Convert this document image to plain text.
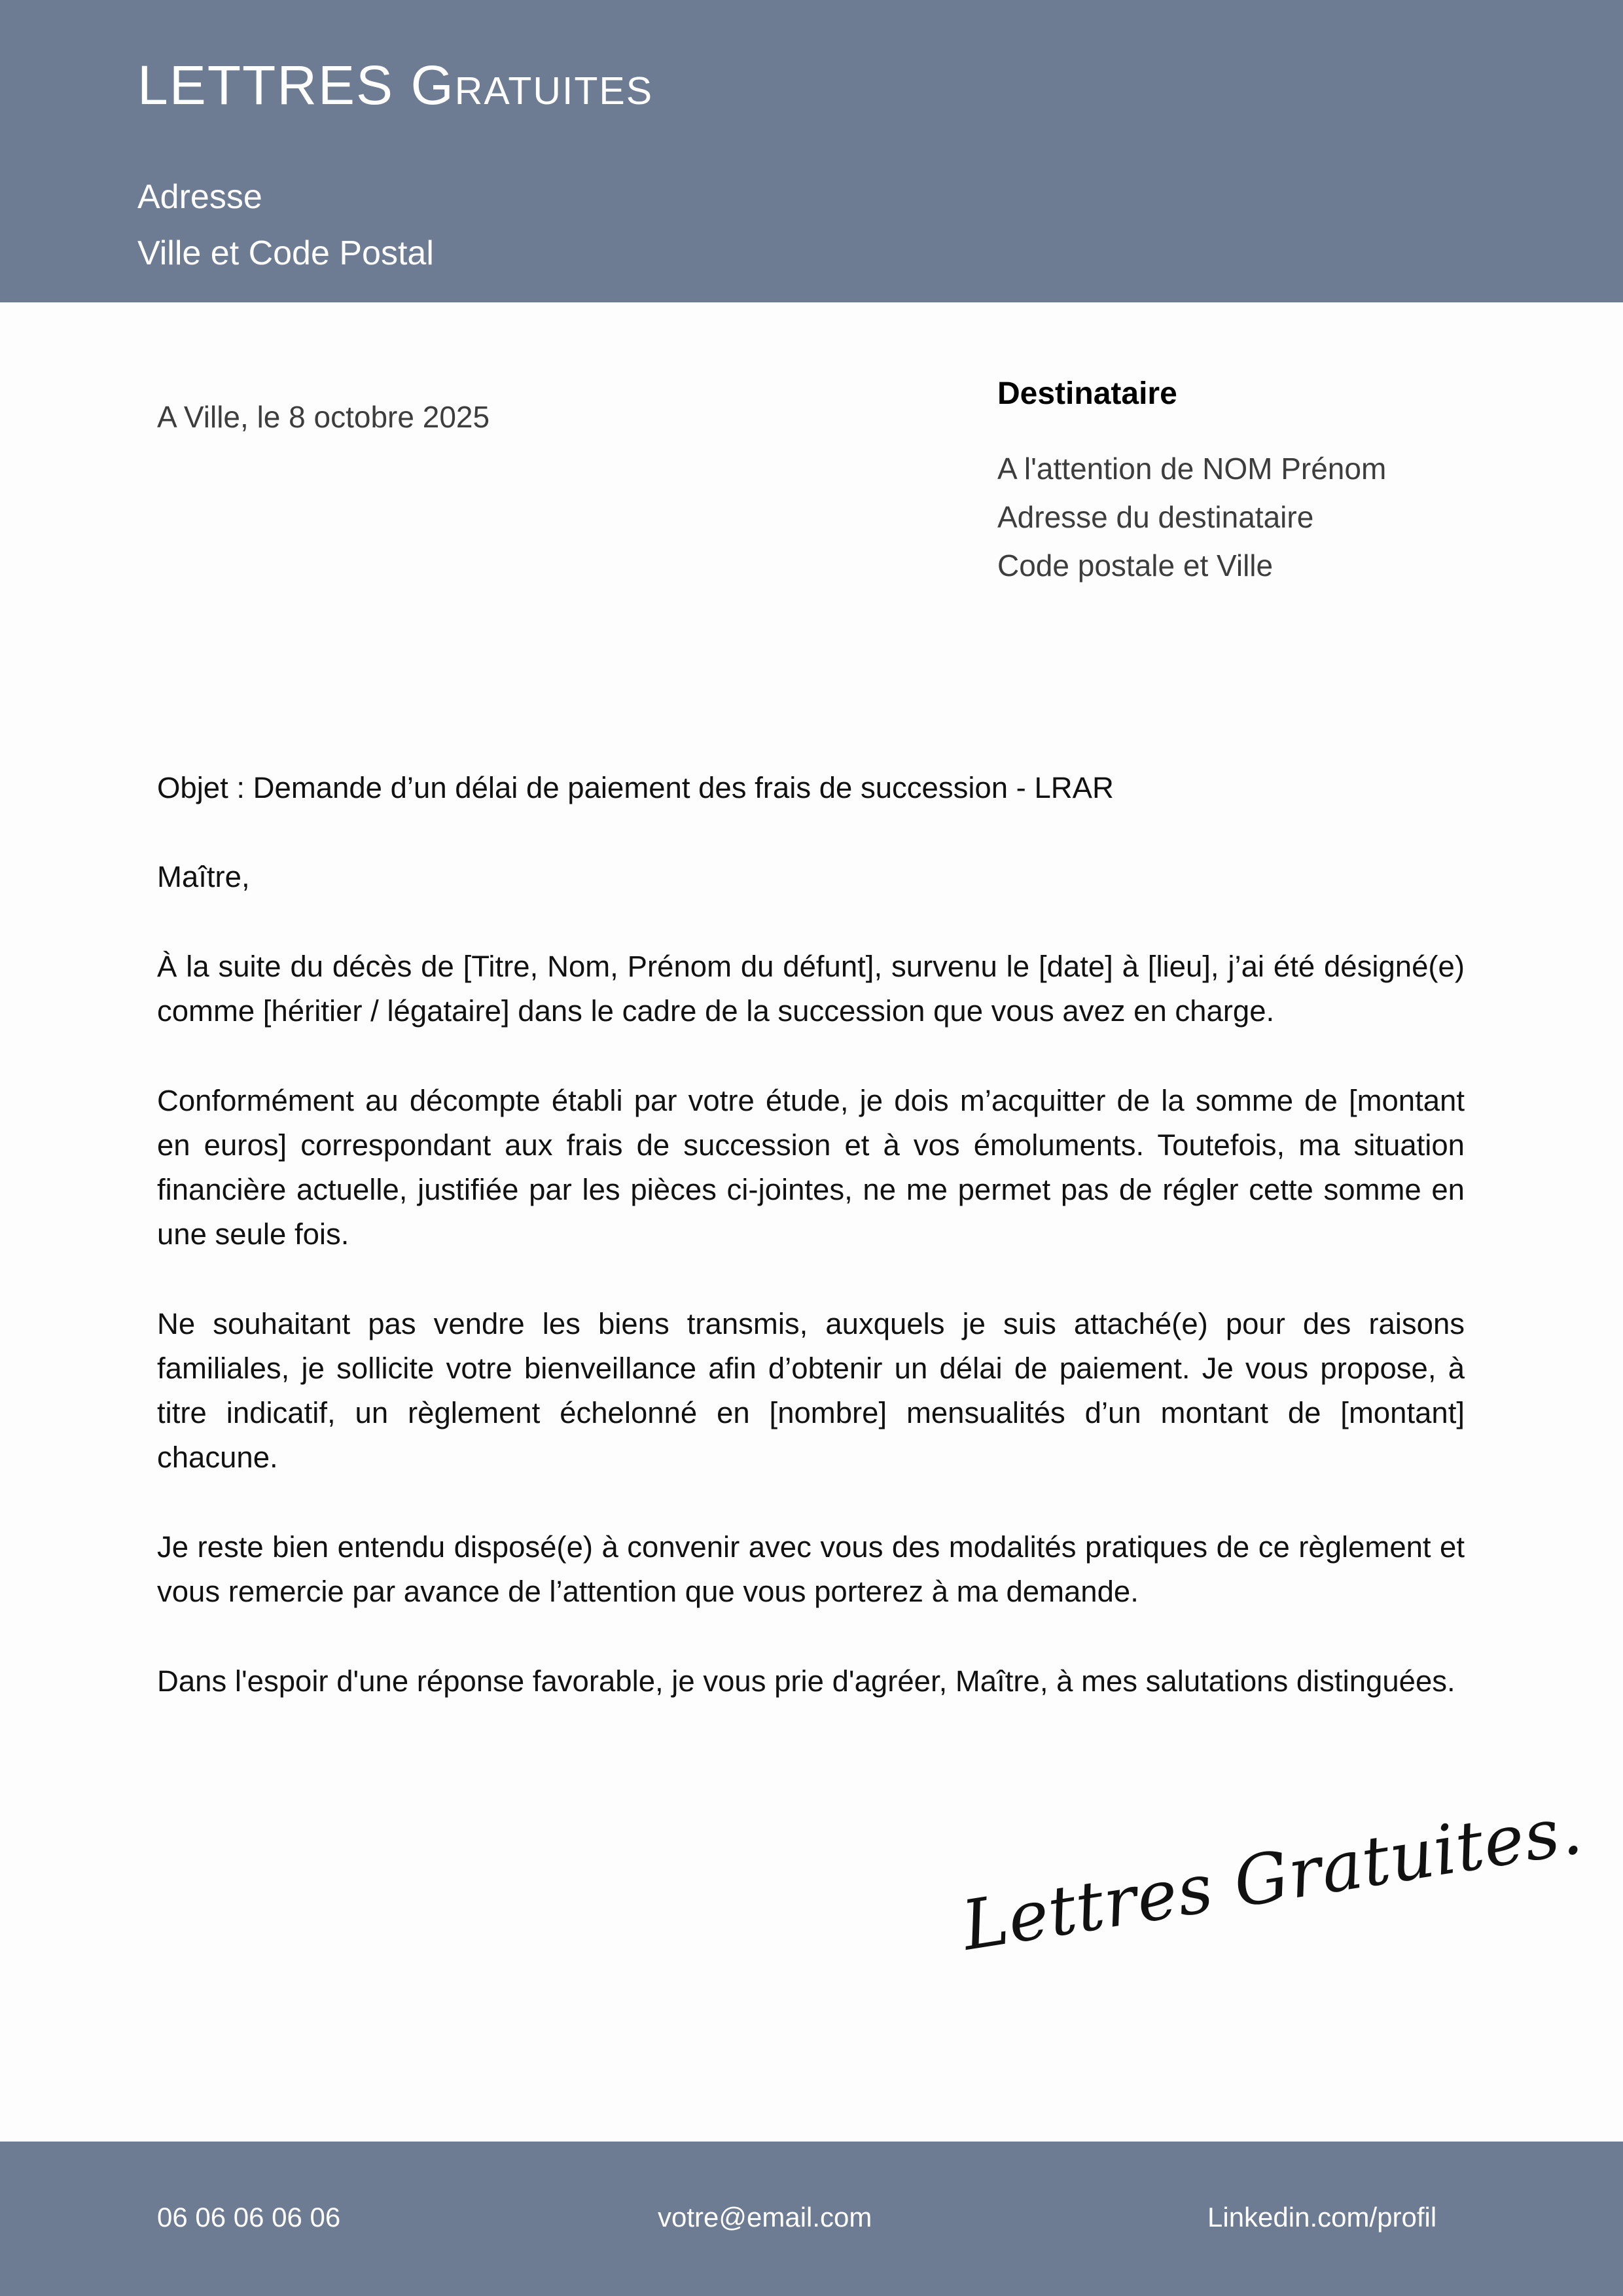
LETTRES Gratuites
Adresse
Ville et Code Postal
A Ville, le 8 octobre 2025
Destinataire
A l'attention de NOM Prénom
Adresse du destinataire
Code postale et Ville

Objet : Demande d’un délai de paiement des frais de succession - LRAR

Maître,

À la suite du décès de [Titre, Nom, Prénom du défunt], survenu le [date] à [lieu], j’ai été désigné(e) comme [héritier / légataire] dans le cadre de la succession que vous avez en charge.

Conformément au décompte établi par votre étude, je dois m’acquitter de la somme de [montant en euros] correspondant aux frais de succession et à vos émoluments. Toutefois, ma situation financière actuelle, justifiée par les pièces ci-jointes, ne me permet pas de régler cette somme en une seule fois.

Ne souhaitant pas vendre les biens transmis, auxquels je suis attaché(e) pour des raisons familiales, je sollicite votre bienveillance afin d’obtenir un délai de paiement. Je vous propose, à titre indicatif, un règlement échelonné en [nombre] mensualités d’un montant de [montant] chacune.

Je reste bien entendu disposé(e) à convenir avec vous des modalités pratiques de ce règlement et vous remercie par avance de l’attention que vous porterez à ma demande.

Dans l'espoir d'une réponse favorable, je vous prie d'agréer, Maître, à mes salutations distinguées.

Lettres Gratuites.
06 06 06 06 06	votre@email.com	Linkedin.com/profil
